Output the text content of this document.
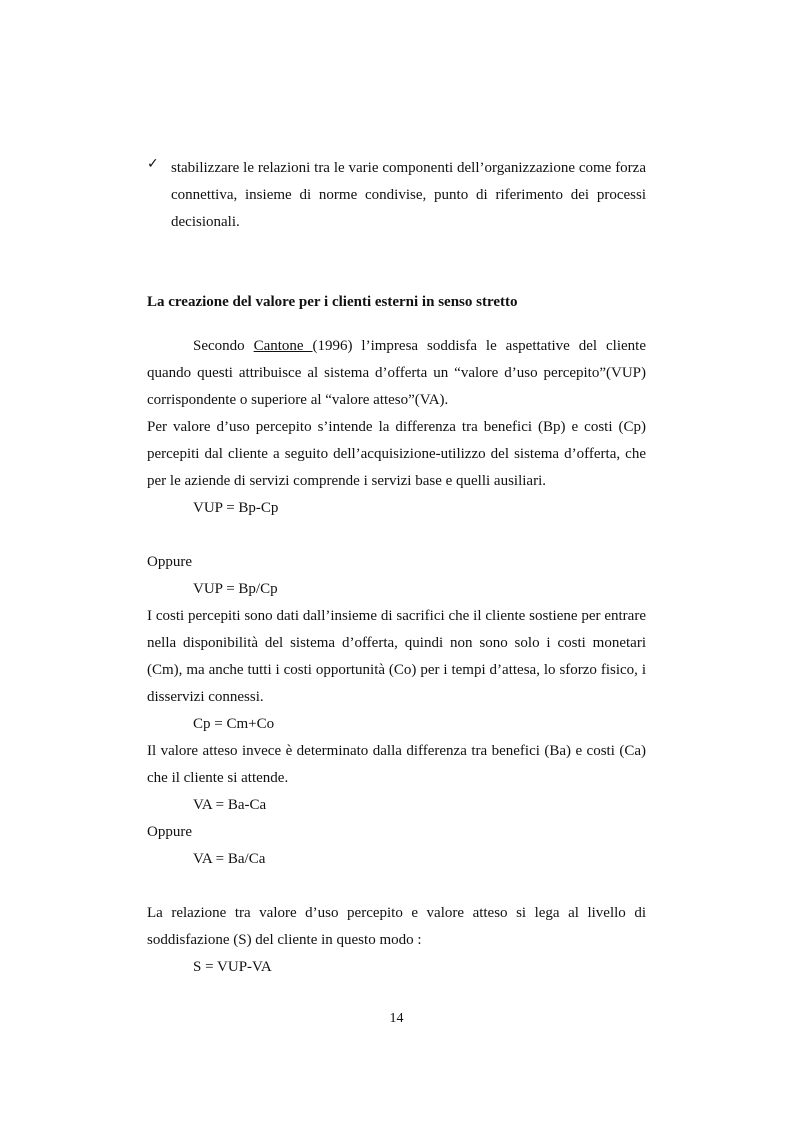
✓ stabilizzare le relazioni tra le varie componenti dell’organizzazione come forza connettiva, insieme di norme condivise, punto di riferimento dei processi decisionali.
La creazione del valore per i clienti esterni in senso stretto

Secondo Cantone (1996) l’impresa soddisfa le aspettative del cliente quando questi attribuisce al sistema d’offerta un “valore d’uso percepito”(VUP) corrispondente o superiore al “valore atteso”(VA).

Per valore d’uso percepito s’intende la differenza tra benefici (Bp) e costi (Cp) percepiti dal cliente a seguito dell’acquisizione-utilizzo del sistema d’offerta, che per le aziende di servizi comprende i servizi base e quelli ausiliari.

VUP = Bp-Cp

Oppure

VUP = Bp/Cp

I costi percepiti sono dati dall’insieme di sacrifici che il cliente sostiene per entrare nella disponibilità del sistema d’offerta, quindi non sono solo i costi monetari (Cm), ma anche tutti i costi opportunità (Co) per i tempi d’attesa, lo sforzo fisico, i disservizi connessi.

Cp = Cm+Co

Il valore atteso invece è determinato dalla differenza tra benefici (Ba) e costi (Ca) che il cliente si attende.

VA = Ba-Ca

Oppure

VA = Ba/Ca

La relazione tra valore d’uso percepito e valore atteso si lega al livello di soddisfazione (S) del cliente in questo modo :

S = VUP-VA

14
